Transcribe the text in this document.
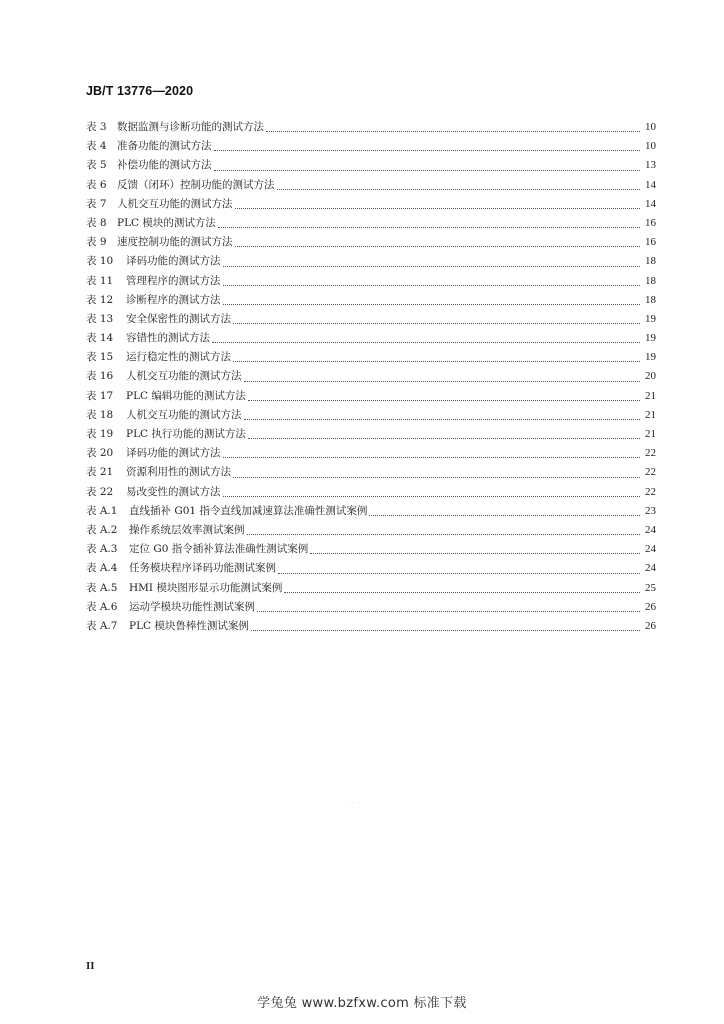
JB/T 13776—2020
表 3 数据监测与诊断功能的测试方法	10
表 4 准备功能的测试方法	10
表 5 补偿功能的测试方法	13
表 6 反馈（闭环）控制功能的测试方法	14
表 7 人机交互功能的测试方法	14
表 8 PLC 模块的测试方法	16
表 9 速度控制功能的测试方法	16
表 10	译码功能的测试方法	18
表 11	管理程序的测试方法	18
表 12	诊断程序的测试方法	18
表 13	安全保密性的测试方法	19
表 14	容错性的测试方法	19
表 15	运行稳定性的测试方法	19
表 16	人机交互功能的测试方法	20
表 17	PLC 编辑功能的测试方法	21
表 18	人机交互功能的测试方法	21
表 19	PLC 执行功能的测试方法	21
表 20	译码功能的测试方法	22
表 21	资源利用性的测试方法	22
表 22	易改变性的测试方法	22
表 A.1	直线插补 G01 指令直线加减速算法准确性测试案例	23
表 A.2	操作系统层效率测试案例	24
表 A.3	定位 G0 指令插补算法准确性测试案例	24
表 A.4	任务模块程序译码功能测试案例	24
表 A.5	HMI 模块图形显示功能测试案例	25
表 A.6	运动学模块功能性测试案例	26
表 A.7	PLC 模块鲁棒性测试案例	26
· · ·
II
学兔兔 www.bzfxw.com 标准下载
